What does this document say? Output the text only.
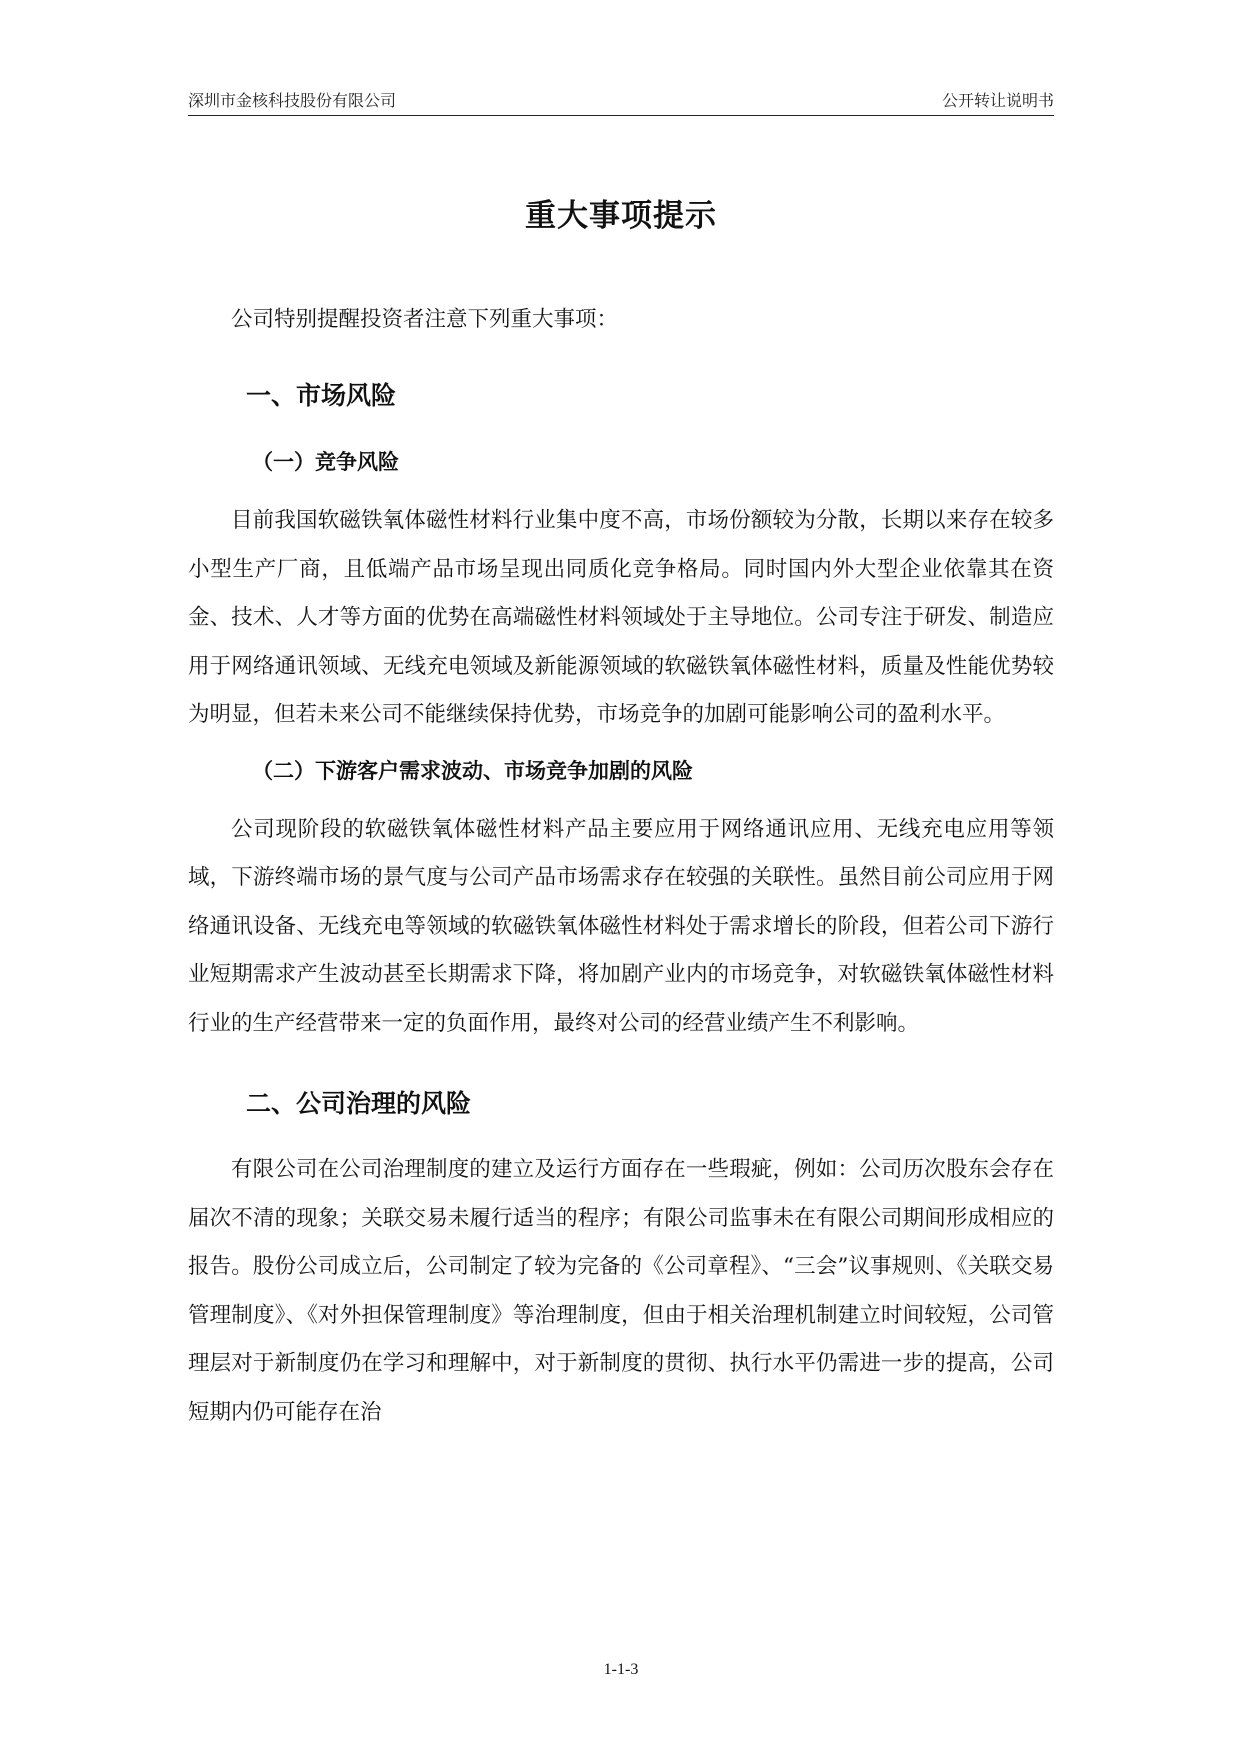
深圳市金核科技股份有限公司	公开转让说明书
重大事项提示

公司特别提醒投资者注意下列重大事项：

一、市场风险
（一）竞争风险

目前我国软磁铁氧体磁性材料行业集中度不高，市场份额较为分散，长期以来存在较多小型生产厂商，且低端产品市场呈现出同质化竞争格局。同时国内外大型企业依靠其在资金、技术、人才等方面的优势在高端磁性材料领域处于主导地位。公司专注于研发、制造应用于网络通讯领域、无线充电领域及新能源领域的软磁铁氧体磁性材料，质量及性能优势较为明显，但若未来公司不能继续保持优势，市场竞争的加剧可能影响公司的盈利水平。

（二）下游客户需求波动、市场竞争加剧的风险

公司现阶段的软磁铁氧体磁性材料产品主要应用于网络通讯应用、无线充电应用等领域，下游终端市场的景气度与公司产品市场需求存在较强的关联性。虽然目前公司应用于网络通讯设备、无线充电等领域的软磁铁氧体磁性材料处于需求增长的阶段，但若公司下游行业短期需求产生波动甚至长期需求下降，将加剧产业内的市场竞争，对软磁铁氧体磁性材料行业的生产经营带来一定的负面作用，最终对公司的经营业绩产生不利影响。

二、公司治理的风险

有限公司在公司治理制度的建立及运行方面存在一些瑕疵，例如：公司历次股东会存在届次不清的现象；关联交易未履行适当的程序；有限公司监事未在有限公司期间形成相应的报告。股份公司成立后，公司制定了较为完备的《公司章程》、“三会”议事规则、《关联交易管理制度》、《对外担保管理制度》等治理制度，但由于相关治理机制建立时间较短，公司管理层对于新制度仍在学习和理解中，对于新制度的贯彻、执行水平仍需进一步的提高，公司短期内仍可能存在治

1-1-3
